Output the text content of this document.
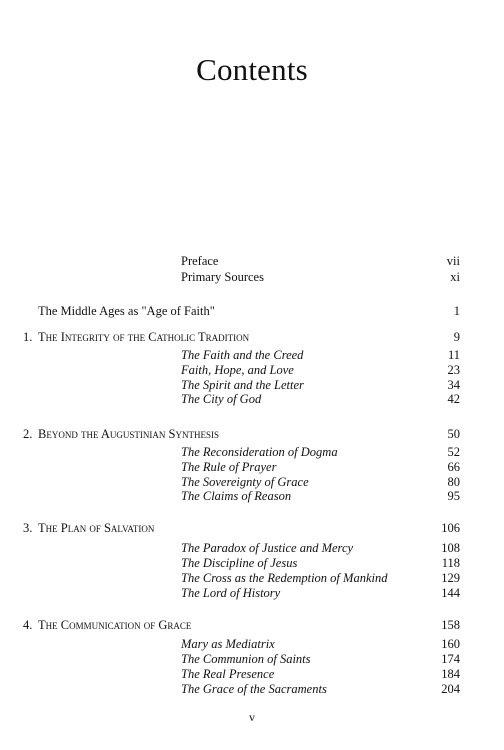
Contents
Preface	vii
Primary Sources	xi
The Middle Ages as "Age of Faith"	1
1. The Integrity of the Catholic Tradition	9
The Faith and the Creed	11
Faith, Hope, and Love	23
The Spirit and the Letter	34
The City of God	42
2. Beyond the Augustinian Synthesis	50
The Reconsideration of Dogma	52
The Rule of Prayer	66
The Sovereignty of Grace	80
The Claims of Reason	95
3. The Plan of Salvation	106
The Paradox of Justice and Mercy	108
The Discipline of Jesus	118
The Cross as the Redemption of Mankind	129
The Lord of History	144
4. The Communication of Grace	158
Mary as Mediatrix	160
The Communion of Saints	174
The Real Presence	184
The Grace of the Sacraments	204
v
